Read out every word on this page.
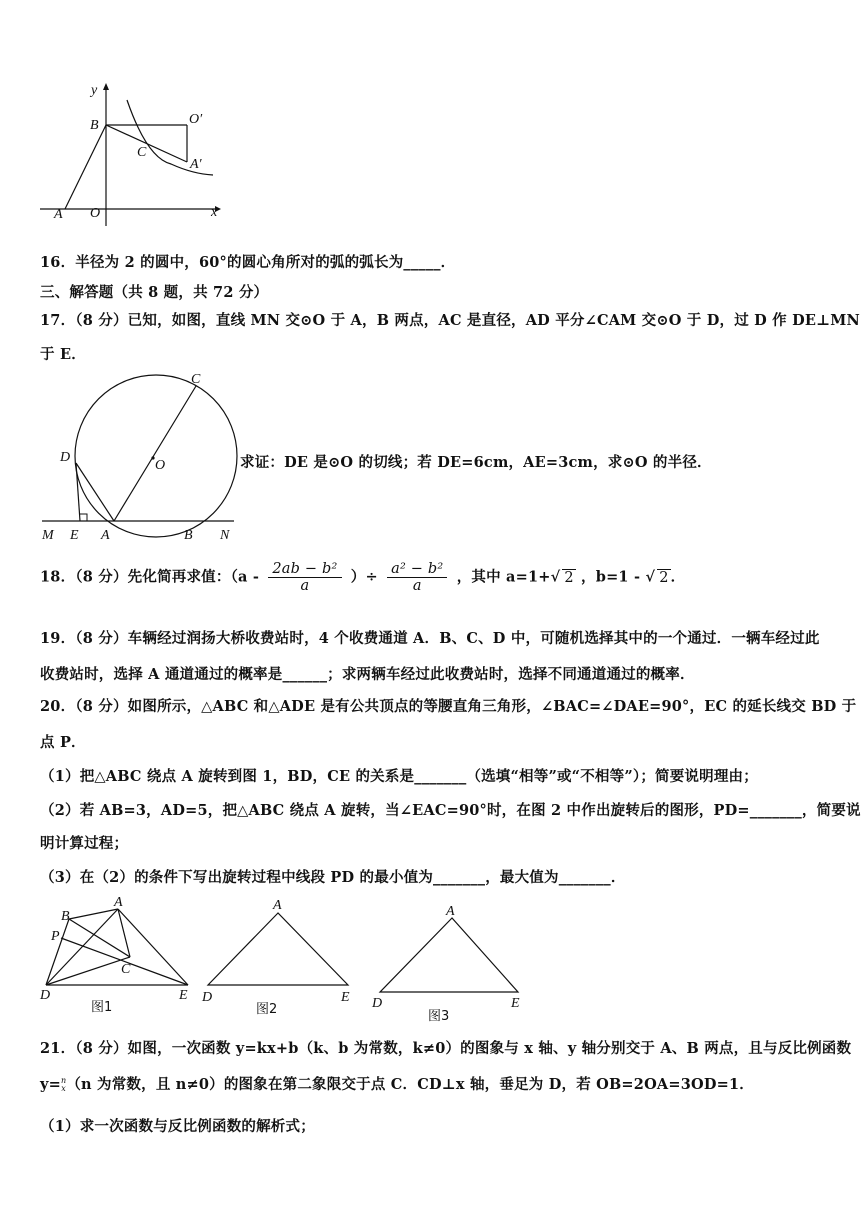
y
x
B	O′
C
A′
A O
16．半径为 2 的圆中，60°的圆心角所对的弧的弧长为_____．
三、解答题（共 8 题，共 72 分）
17．（8 分）已知，如图，直线 MN 交⊙O 于 A，B 两点，AC 是直径，AD 平分∠CAM 交⊙O 于 D，过 D 作 DE⊥MN
于 E．
C
O
D
M E A	B N
求证：DE 是⊙O 的切线；若 DE=6cm，AE=3cm，求⊙O 的半径．
18．（8 分）先化简再求值：（$a - \frac{\text{2ab − b²}}{a}$ ）÷ $\frac{\text{a² − b²}}{a}$ ，其中 a=1+√ 2 ，b=1 - √ 2 ．
19．（8 分）车辆经过润扬大桥收费站时，4 个收费通道 A．B、C、D 中，可随机选择其中的一个通过．一辆车经过此
收费站时，选择 A 通道通过的概率是______；求两辆车经过此收费站时，选择不同通道通过的概率．
20．（8 分）如图所示，△ABC 和△ADE 是有公共顶点的等腰直角三角形，∠BAC=∠DAE=90°，EC 的延长线交 BD 于
点 P．
（1）把△ABC 绕点 A 旋转到图 1，BD，CE 的关系是_______（选填“相等”或“不相等”）；简要说明理由；
（2）若 AB=3，AD=5，把△ABC 绕点 A 旋转，当∠EAC=90°时，在图 2 中作出旋转后的图形，PD=_______，简要说
明计算过程；
（3）在（2）的条件下写出旋转过程中线段 PD 的最小值为_______，最大值为_______．
B
A
P
C
D	E
图1
A
D	E
图2
A
D	E
图3
21．（8 分）如图，一次函数 y=kx+b（k、b 为常数，k≠0）的图象与 x 轴、y 轴分别交于 A、B 两点，且与反比例函数
y= n
x （n 为常数，且 n≠0）的图象在第二象限交于点 C．CD⊥x 轴，垂足为 D，若 OB=2OA=3OD=1．
（1）求一次函数与反比例函数的解析式；
